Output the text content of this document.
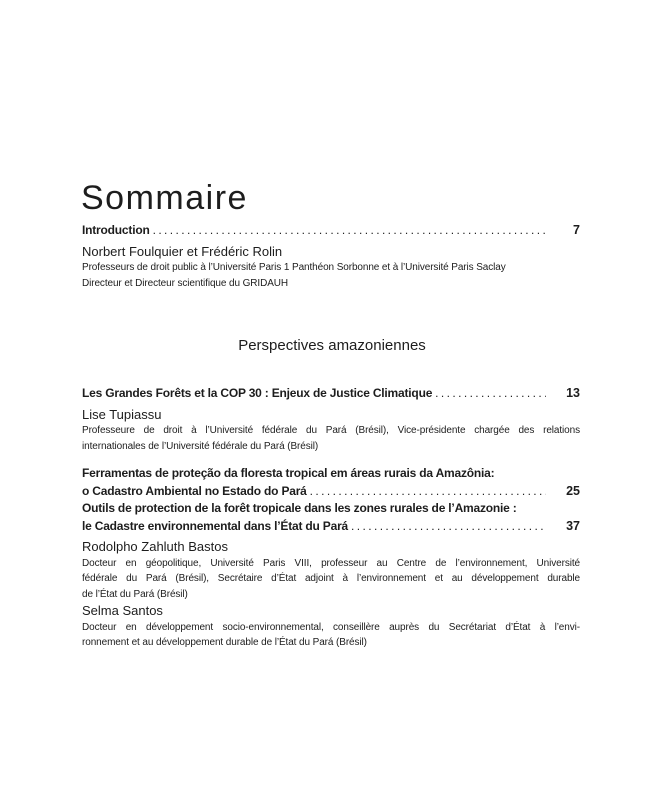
Sommaire
Introduction .....	7
Norbert Foulquier et Frédéric Rolin
Professeurs de droit public à l’Université Paris 1 Panthéon Sorbonne et à l’Université Paris Saclay
Directeur et Directeur scientifique du GRIDAUH
Perspectives amazoniennes
Les Grandes Forêts et la COP 30 : Enjeux de Justice Climatique .....	13
Lise Tupiassu
Professeure de droit à l’Université fédérale du Pará (Brésil), Vice-présidente chargée des relations
internationales de l’Université fédérale du Pará (Brésil)
Ferramentas de proteção da floresta tropical em áreas rurais da Amazônia:
o Cadastro Ambiental no Estado do Pará .....	25
Outils de protection de la forêt tropicale dans les zones rurales de l’Amazonie :
le Cadastre environnemental dans l’État du Pará .....	37
Rodolpho Zahluth Bastos
Docteur en géopolitique, Université Paris VIII, professeur au Centre de l’environnement, Université
fédérale du Pará (Brésil), Secrétaire d’État adjoint à l’environnement et au développement durable
de l’État du Pará (Brésil)
Selma Santos
Docteur en développement socio-environnemental, conseillère auprès du Secrétariat d’État à l’envi-
ronnement et au développement durable de l’État du Pará (Brésil)
